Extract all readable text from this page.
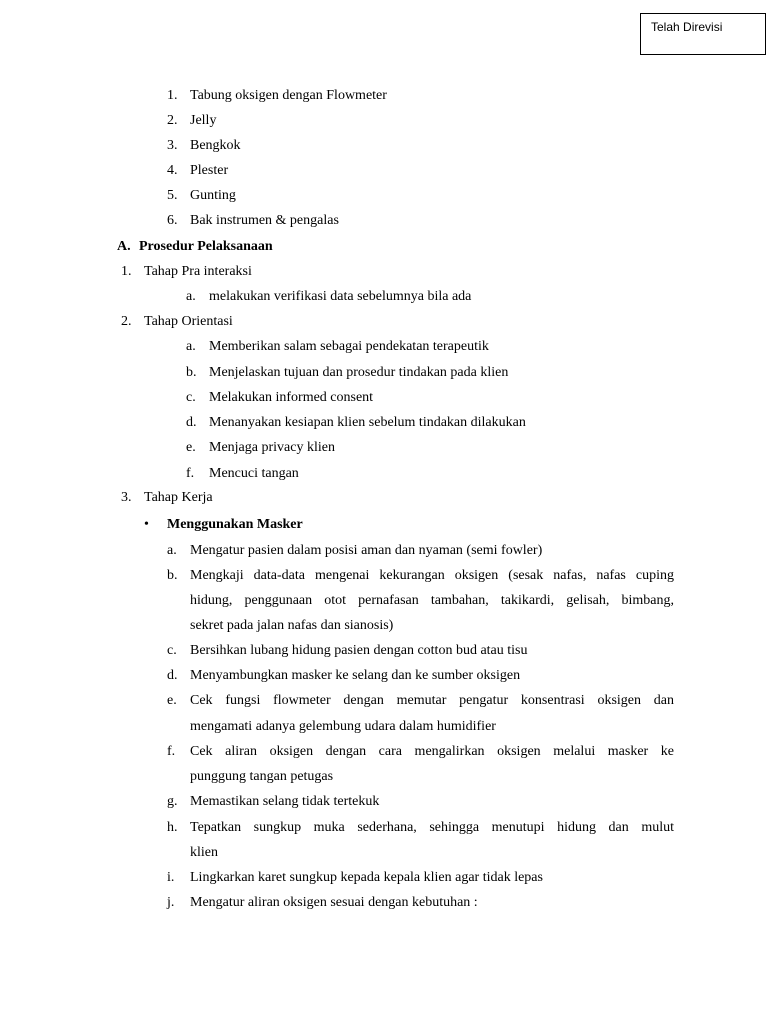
Telah Direvisi
1. Tabung oksigen dengan Flowmeter
2. Jelly
3. Bengkok
4. Plester
5. Gunting
6. Bak instrumen & pengalas
A. Prosedur Pelaksanaan
1. Tahap Pra interaksi
a. melakukan verifikasi data sebelumnya bila ada
2. Tahap Orientasi
a. Memberikan salam sebagai pendekatan terapeutik
b. Menjelaskan tujuan dan prosedur tindakan pada klien
c. Melakukan informed consent
d. Menanyakan kesiapan klien sebelum tindakan dilakukan
e. Menjaga privacy klien
f. Mencuci tangan
3. Tahap Kerja
• Menggunakan Masker
a. Mengatur pasien dalam posisi aman dan nyaman (semi fowler)
b. Mengkaji data-data mengenai kekurangan oksigen (sesak nafas, nafas cuping
hidung, penggunaan otot pernafasan tambahan, takikardi, gelisah, bimbang,
sekret pada jalan nafas dan sianosis)
c. Bersihkan lubang hidung pasien dengan cotton bud atau tisu
d. Menyambungkan masker ke selang dan ke sumber oksigen
e. Cek fungsi flowmeter dengan memutar pengatur konsentrasi oksigen dan
mengamati adanya gelembung udara dalam humidifier
f. Cek aliran oksigen dengan cara mengalirkan oksigen melalui masker ke
punggung tangan petugas
g. Memastikan selang tidak tertekuk
h. Tepatkan sungkup muka sederhana, sehingga menutupi hidung dan mulut
klien
i. Lingkarkan karet sungkup kepada kepala klien agar tidak lepas
j. Mengatur aliran oksigen sesuai dengan kebutuhan :
